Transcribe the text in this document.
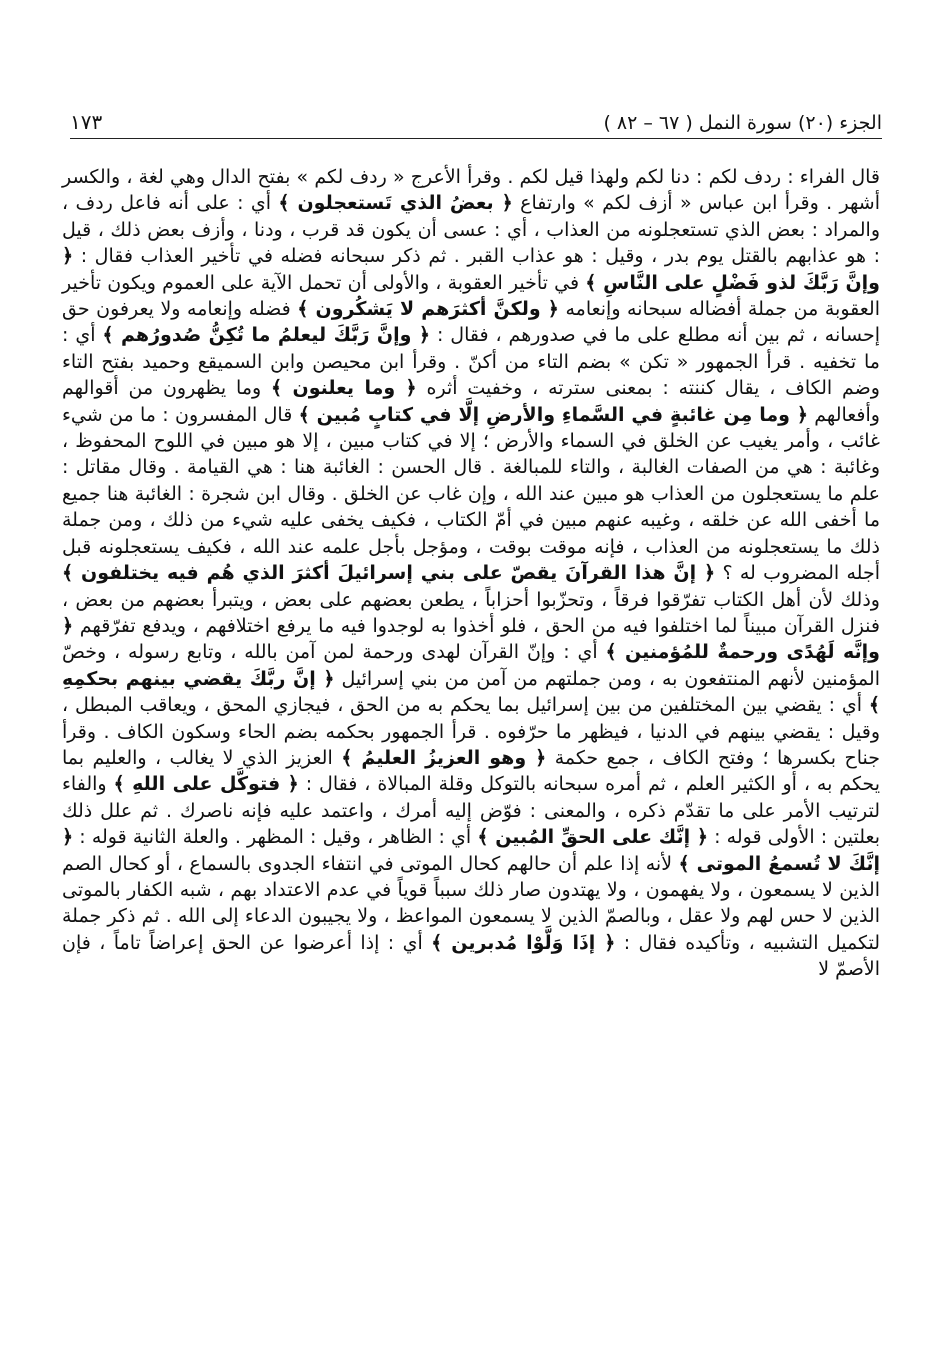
الجزء (٢٠) سورة النمل ( ٦٧ – ٨٢ )
١٧٣
قال الفراء : ردف لكم : دنا لكم ولهذا قيل لكم . وقرأ الأعرج « ردف لكم » بفتح الدال وهي لغة ، والكسر أشهر . وقرأ ابن عباس « أزف لكم » وارتفاع ﴿ بعضُ الذي تَستعجلون ﴾ أي : على أنه فاعل ردف ، والمراد : بعض الذي تستعجلونه من العذاب ، أي : عسى أن يكون قد قرب ، ودنا ، وأزف بعض ذلك ، قيل : هو عذابهم بالقتل يوم بدر ، وقيل : هو عذاب القبر . ثم ذكر سبحانه فضله في تأخير العذاب فقال : ﴿ وإنَّ رَبَّكَ لذو فَضْلٍ على النَّاسِ ﴾ في تأخير العقوبة ، والأولى أن تحمل الآية على العموم ويكون تأخير العقوبة من جملة أفضاله سبحانه وإنعامه ﴿ ولكنَّ أكثرَهم لا يَشكُرون ﴾ فضله وإنعامه ولا يعرفون حق إحسانه ، ثم بين أنه مطلع على ما في صدورهم ، فقال : ﴿ وإنَّ رَبَّكَ ليعلمُ ما تُكِنُّ صُدورُهم ﴾ أي : ما تخفيه . قرأ الجمهور « تكن » بضم التاء من أكنّ . وقرأ ابن محيصن وابن السميقع وحميد بفتح التاء وضم الكاف ، يقال كننته : بمعنى سترته ، وخفيت أثره ﴿ وما يعلنون ﴾ وما يظهرون من أقوالهم وأفعالهم ﴿ وما مِن غائبةٍ في السَّماءِ والأرضِ إلَّا في كتابٍ مُبين ﴾ قال المفسرون : ما من شيء غائب ، وأمر يغيب عن الخلق في السماء والأرض ؛ إلا في كتاب مبين ، إلا هو مبين في اللوح المحفوظ ، وغائبة : هي من الصفات الغالبة ، والتاء للمبالغة . قال الحسن : الغائبة هنا : هي القيامة . وقال مقاتل : علم ما يستعجلون من العذاب هو مبين عند الله ، وإن غاب عن الخلق . وقال ابن شجرة : الغائبة هنا جميع ما أخفى الله عن خلقه ، وغيبه عنهم مبين في أمّ الكتاب ، فكيف يخفى عليه شيء من ذلك ، ومن جملة ذلك ما يستعجلونه من العذاب ، فإنه موقت بوقت ، ومؤجل بأجل علمه عند الله ، فكيف يستعجلونه قبل أجله المضروب له ؟ ﴿ إنَّ هذا القرآنَ يقصّ على بني إسرائيلَ أكثرَ الذي هُم فيه يختلفون ﴾ وذلك لأن أهل الكتاب تفرّقوا فرقاً ، وتحزّبوا أحزاباً ، يطعن بعضهم على بعض ، ويتبرأ بعضهم من بعض ، فنزل القرآن مبيناً لما اختلفوا فيه من الحق ، فلو أخذوا به لوجدوا فيه ما يرفع اختلافهم ، ويدفع تفرّقهم ﴿ وإنَّه لَهُدًى ورحمةٌ للمُؤمنين ﴾ أي : وإنّ القرآن لهدى ورحمة لمن آمن بالله ، وتابع رسوله ، وخصّ المؤمنين لأنهم المنتفعون به ، ومن جملتهم من آمن من بني إسرائيل ﴿ إنَّ ربَّكَ يقضي بينهم بحكمِهِ ﴾ أي : يقضي بين المختلفين من بين إسرائيل بما يحكم به من الحق ، فيجازي المحق ، ويعاقب المبطل ، وقيل : يقضي بينهم في الدنيا ، فيظهر ما حرّفوه . قرأ الجمهور بحكمه بضم الحاء وسكون الكاف . وقرأ جناح بكسرها ؛ وفتح الكاف ، جمع حكمة ﴿ وهو العزيزُ العليمُ ﴾ العزيز الذي لا يغالب ، والعليم بما يحكم به ، أو الكثير العلم ، ثم أمره سبحانه بالتوكل وقلة المبالاة ، فقال : ﴿ فتوكَّل على اللهِ ﴾ والفاء لترتيب الأمر على ما تقدّم ذكره ، والمعنى : فوّض إليه أمرك ، واعتمد عليه فإنه ناصرك . ثم علل ذلك بعلتين : الأولى قوله : ﴿ إنَّك على الحقِّ المُبين ﴾ أي : الظاهر ، وقيل : المظهر . والعلة الثانية قوله : ﴿ إنَّكَ لا تُسمعُ الموتى ﴾ لأنه إذا علم أن حالهم كحال الموتى في انتفاء الجدوى بالسماع ، أو كحال الصم الذين لا يسمعون ، ولا يفهمون ، ولا يهتدون صار ذلك سبباً قوياً في عدم الاعتداد بهم ، شبه الكفار بالموتى الذين لا حس لهم ولا عقل ، وبالصمّ الذين لا يسمعون المواعظ ، ولا يجيبون الدعاء إلى الله . ثم ذكر جملة لتكميل التشبيه ، وتأكيده فقال : ﴿ إذَا وَلَّوْا مُدبرين ﴾ أي : إذا أعرضوا عن الحق إعراضاً تاماً ، فإن الأصمّ لا
